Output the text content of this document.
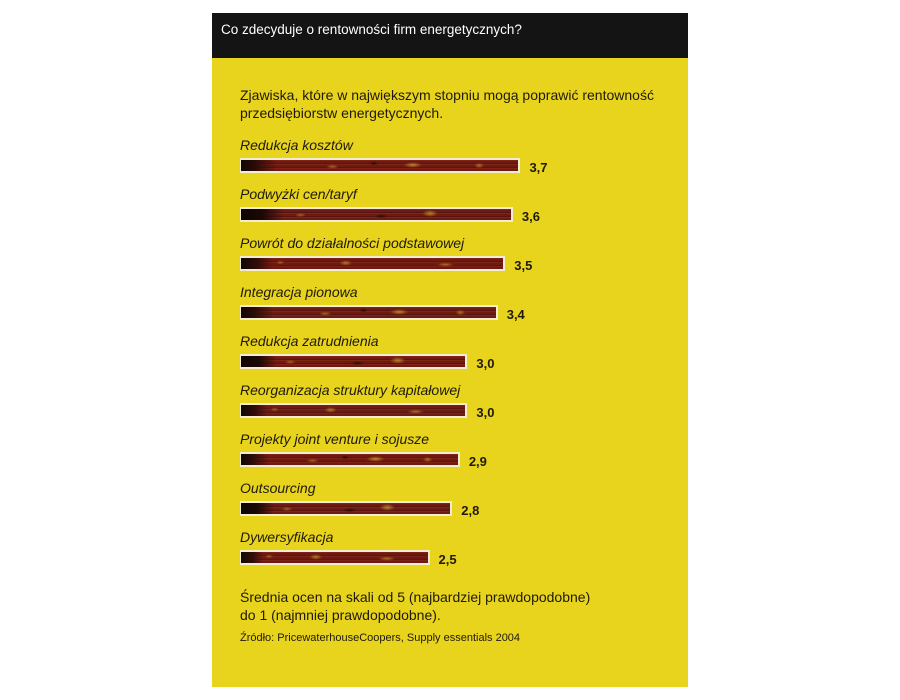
Co zdecyduje o rentowności firm energetycznych?
Zjawiska, które w największym stopniu mogą poprawić rentowność
przedsiębiorstw energetycznych.
Redukcja kosztów
3,7
Podwyżki cen/taryf
3,6
Powrót do działalności podstawowej
3,5
Integracja pionowa
3,4
Redukcja zatrudnienia
3,0
Reorganizacja struktury kapitałowej
3,0
Projekty joint venture i sojusze
2,9
Outsourcing
2,8
Dywersyfikacja
2,5
Średnia ocen na skali od 5 (najbardziej prawdopodobne)
do 1 (najmniej prawdopodobne).
Źródło: PricewaterhouseCoopers, Supply essentials 2004
